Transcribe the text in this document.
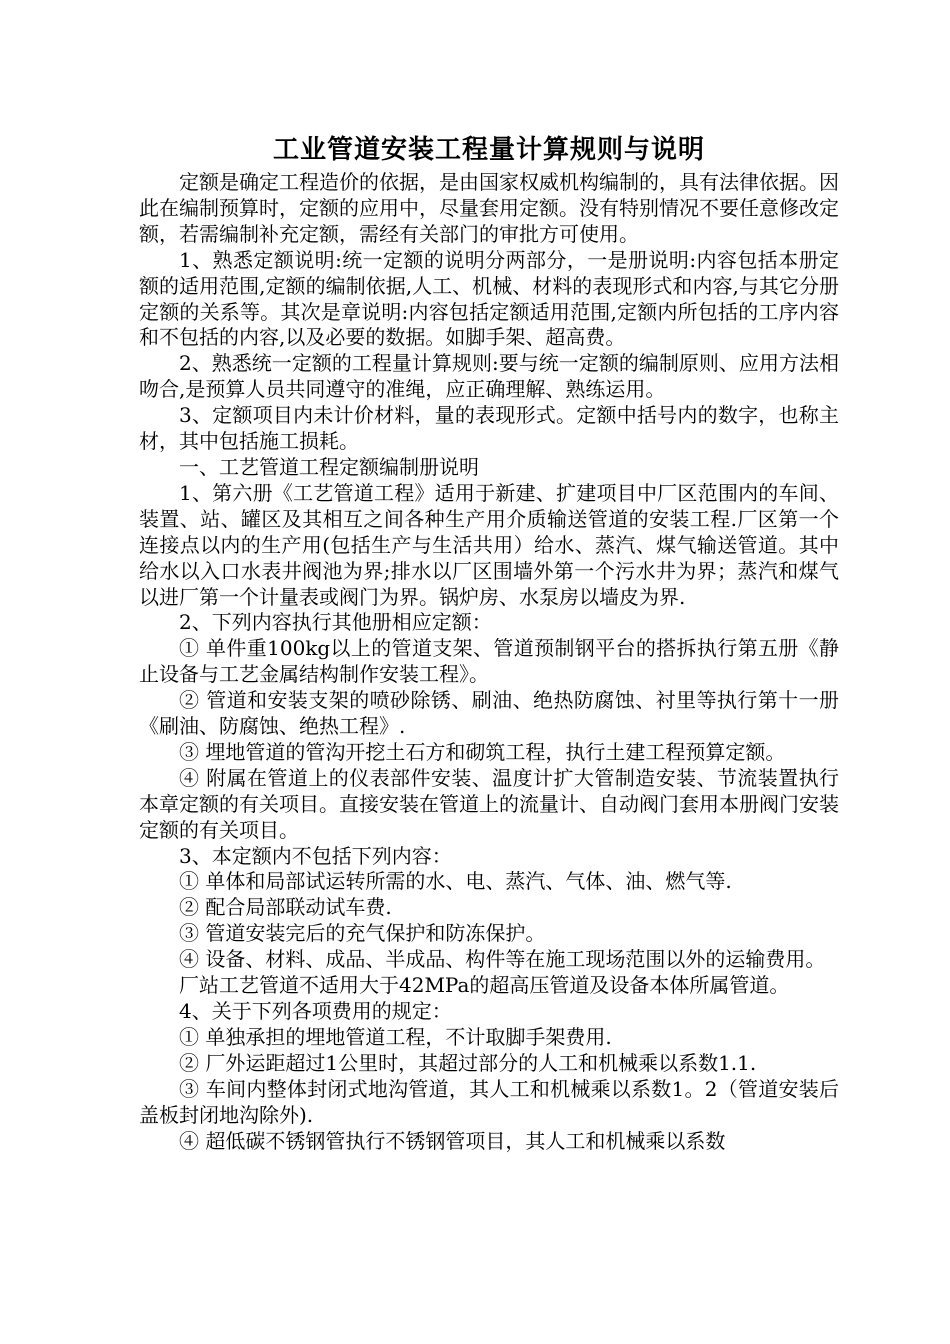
工业管道安装工程量计算规则与说明

定额是确定工程造价的依据，是由国家权威机构编制的，具有法律依据。因此在编制预算时，定额的应用中，尽量套用定额。没有特别情况不要任意修改定额，若需编制补充定额，需经有关部门的审批方可使用。

1、熟悉定额说明:统一定额的说明分两部分，一是册说明:内容包括本册定额的适用范围,定额的编制依据,人工、机械、材料的表现形式和内容,与其它分册定额的关系等。其次是章说明:内容包括定额适用范围,定额内所包括的工序内容和不包括的内容,以及必要的数据。如脚手架、超高费。

2、熟悉统一定额的工程量计算规则:要与统一定额的编制原则、应用方法相吻合,是预算人员共同遵守的准绳，应正确理解、熟练运用。

3、定额项目内未计价材料，量的表现形式。定额中括号内的数字，也称主材，其中包括施工损耗。

一、工艺管道工程定额编制册说明

1、第六册《工艺管道工程》适用于新建、扩建项目中厂区范围内的车间、装置、站、罐区及其相互之间各种生产用介质输送管道的安装工程.厂区第一个连接点以内的生产用(包括生产与生活共用）给水、蒸汽、煤气输送管道。其中给水以入口水表井阀池为界;排水以厂区围墙外第一个污水井为界；蒸汽和煤气以进厂第一个计量表或阀门为界。锅炉房、水泵房以墙皮为界.

2、下列内容执行其他册相应定额：

① 单件重100kg以上的管道支架、管道预制钢平台的搭拆执行第五册《静止设备与工艺金属结构制作安装工程》。

② 管道和安装支架的喷砂除锈、刷油、绝热防腐蚀、衬里等执行第十一册《刷油、防腐蚀、绝热工程》.

③ 埋地管道的管沟开挖土石方和砌筑工程，执行土建工程预算定额。

④ 附属在管道上的仪表部件安装、温度计扩大管制造安装、节流装置执行本章定额的有关项目。直接安装在管道上的流量计、自动阀门套用本册阀门安装定额的有关项目。

3、本定额内不包括下列内容：

① 单体和局部试运转所需的水、电、蒸汽、气体、油、燃气等.

② 配合局部联动试车费.

③ 管道安装完后的充气保护和防冻保护。

④ 设备、材料、成品、半成品、构件等在施工现场范围以外的运输费用。

厂站工艺管道不适用大于42MPa的超高压管道及设备本体所属管道。

4、关于下列各项费用的规定：

① 单独承担的埋地管道工程，不计取脚手架费用.

② 厂外运距超过1公里时，其超过部分的人工和机械乘以系数1.1.

③ 车间内整体封闭式地沟管道，其人工和机械乘以系数1。2（管道安装后盖板封闭地沟除外).

④ 超低碳不锈钢管执行不锈钢管项目，其人工和机械乘以系数
